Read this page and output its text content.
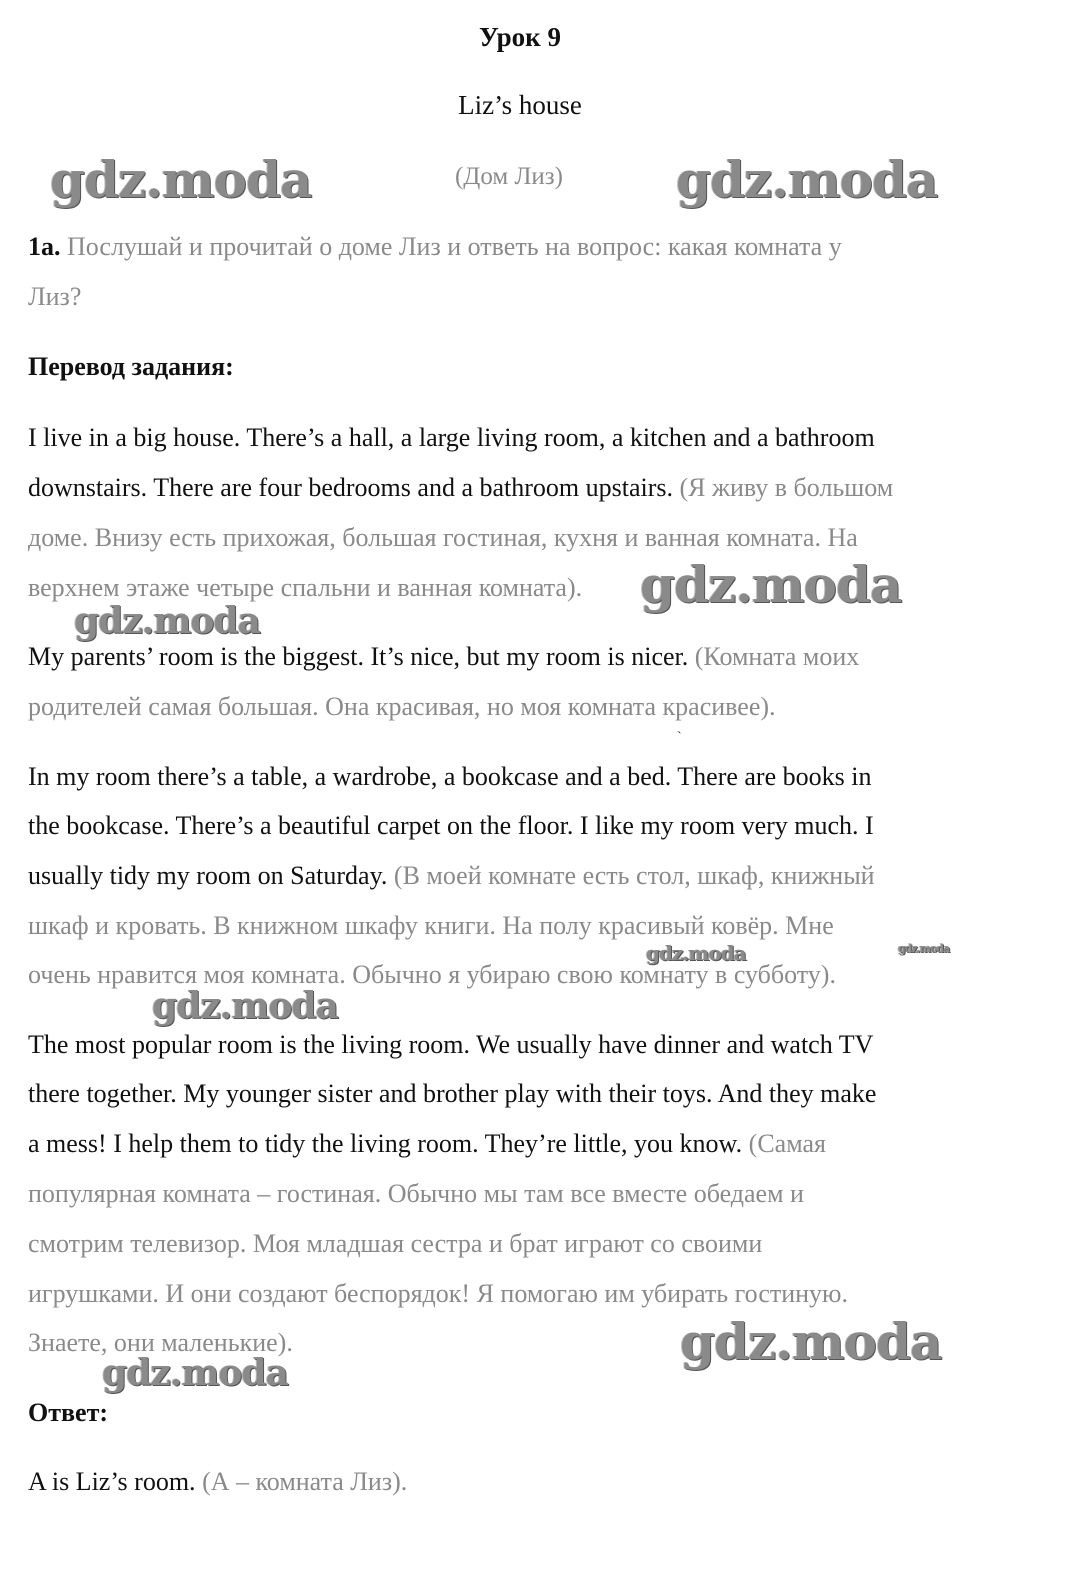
Урок 9
Liz’s house
(Дом Лиз)
1a. Послушай и прочитай о доме Лиз и ответь на вопрос: какая комната у
Лиз?
Перевод задания:
I live in a big house. There’s a hall, a large living room, a kitchen and a bathroom
downstairs. There are four bedrooms and a bathroom upstairs. (Я живу в большом
доме. Внизу есть прихожая, большая гостиная, кухня и ванная комната. На
верхнем этаже четыре спальни и ванная комната).
My parents’ room is the biggest. It’s nice, but my room is nicer. (Комната моих
родителей самая большая. Она красивая, но моя комната красивее).
ˋ
In my room there’s a table, a wardrobe, a bookcase and a bed. There are books in
the bookcase. There’s a beautiful carpet on the floor. I like my room very much. I
usually tidy my room on Saturday. (В моей комнате есть стол, шкаф, книжный
шкаф и кровать. В книжном шкафу книги. На полу красивый ковёр. Мне
очень нравится моя комната. Обычно я убираю свою комнату в субботу).
The most popular room is the living room. We usually have dinner and watch TV
there together. My younger sister and brother play with their toys. And they make
a mess! I help them to tidy the living room. They’re little, you know. (Самая
популярная комната – гостиная. Обычно мы там все вместе обедаем и
смотрим телевизор. Моя младшая сестра и брат играют со своими
игрушками. И они создают беспорядок! Я помогаю им убирать гостиную.
Знаете, они маленькие).
Ответ:
A is Liz’s room. (А – комната Лиз).
gdz.moda	gdz.moda
gdz.moda
gdz.moda
gdz.moda	gdz.moda
gdz.moda
gdz.moda
gdz.moda
